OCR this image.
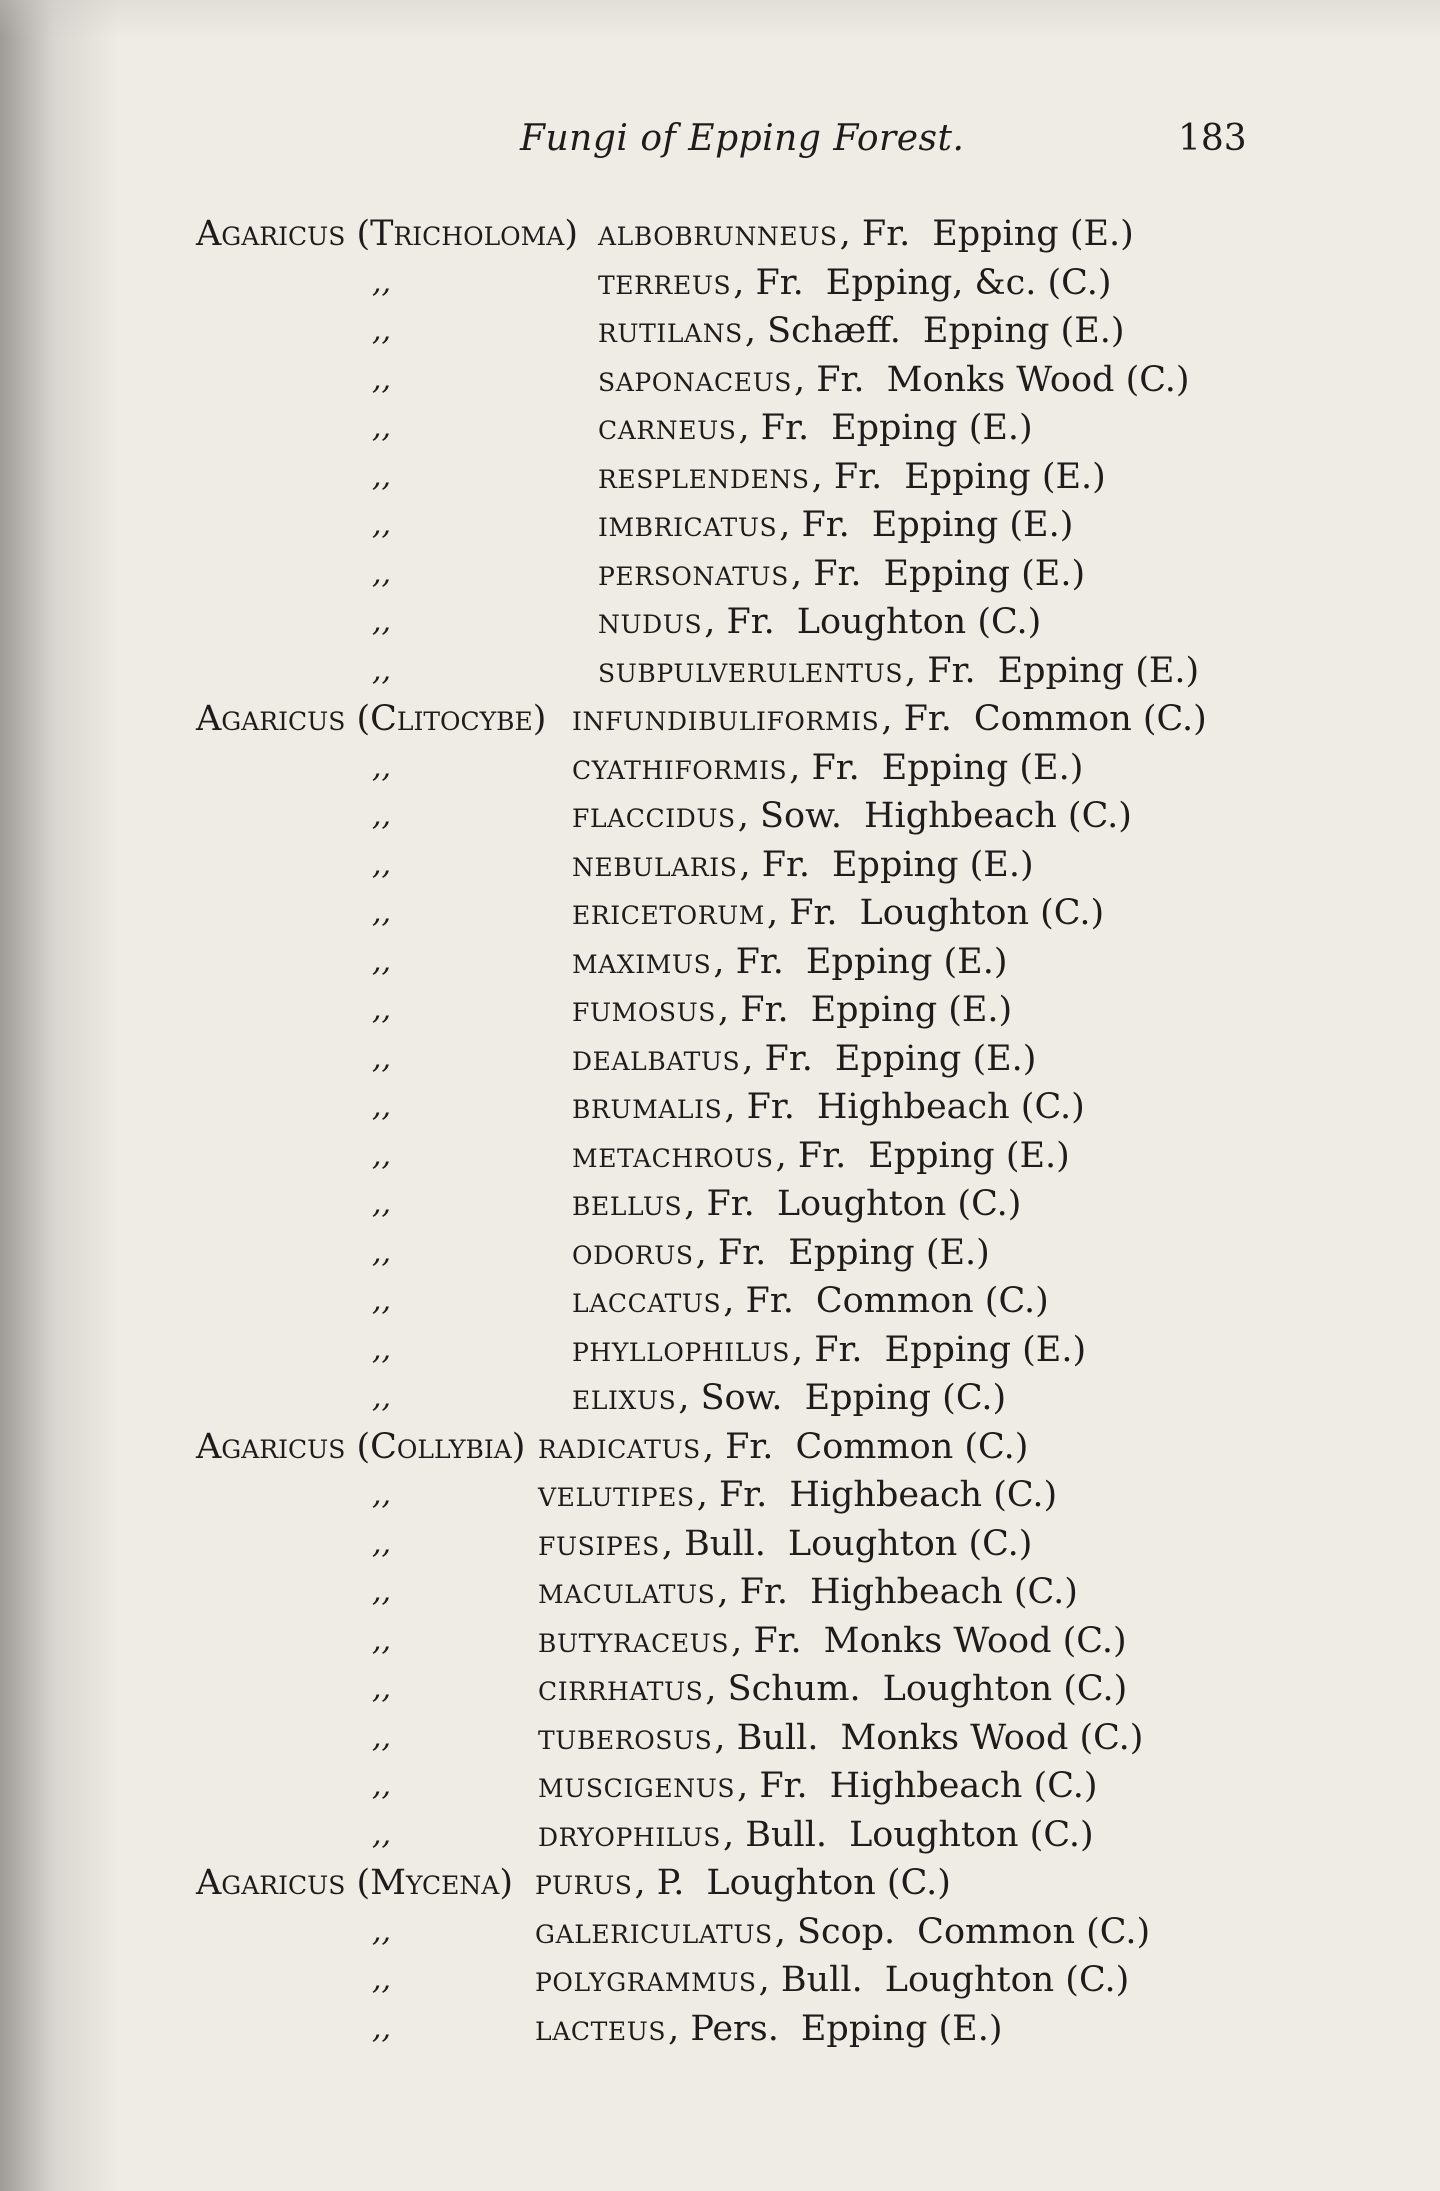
Fungi of Epping Forest.	183
Agaricus (Tricholoma) albobrunneus, Fr. Epping (E.)
,,	terreus, Fr. Epping, &c. (C.)
,,	rutilans, Schæff. Epping (E.)
,,	saponaceus, Fr. Monks Wood (C.)
,,	carneus, Fr. Epping (E.)
,,	resplendens, Fr. Epping (E.)
,,	imbricatus, Fr. Epping (E.)
,,	personatus, Fr. Epping (E.)
,,	nudus, Fr. Loughton (C.)
,,	subpulverulentus, Fr. Epping (E.)
Agaricus (Clitocybe) infundibuliformis, Fr. Common (C.)
,,	cyathiformis, Fr. Epping (E.)
,,	flaccidus, Sow. Highbeach (C.)
,,	nebularis, Fr. Epping (E.)
,,	ericetorum, Fr. Loughton (C.)
,,	maximus, Fr. Epping (E.)
,,	fumosus, Fr. Epping (E.)
,,	dealbatus, Fr. Epping (E.)
,,	brumalis, Fr. Highbeach (C.)
,,	metachrous, Fr. Epping (E.)
,,	bellus, Fr. Loughton (C.)
,,	odorus, Fr. Epping (E.)
,,	laccatus, Fr. Common (C.)
,,	phyllophilus, Fr. Epping (E.)
,,	elixus, Sow. Epping (C.)
Agaricus (Collybia) radicatus, Fr. Common (C.)
,,	velutipes, Fr. Highbeach (C.)
,,	fusipes, Bull. Loughton (C.)
,,	maculatus, Fr. Highbeach (C.)
,,	butyraceus, Fr. Monks Wood (C.)
,,	cirrhatus, Schum. Loughton (C.)
,,	tuberosus, Bull. Monks Wood (C.)
,,	muscigenus, Fr. Highbeach (C.)
,,	dryophilus, Bull. Loughton (C.)
Agaricus (Mycena) purus, P. Loughton (C.)
,,	galericulatus, Scop. Common (C.)
,,	polygrammus, Bull. Loughton (C.)
,,	lacteus, Pers. Epping (E.)
